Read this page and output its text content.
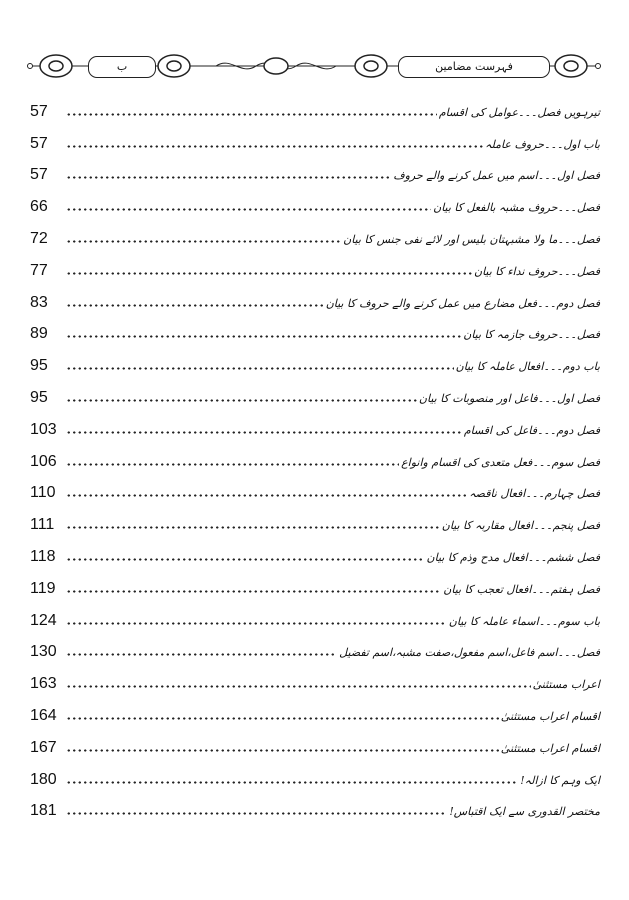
ب	فہرست مضامین
تیرہویں فصل۔۔۔عوامل کی اقسام
57
باب اول۔۔۔حروف عاملہ
57
فصل اول۔۔۔اسم میں عمل کرنے والے حروف
57
فصل۔۔۔حروف مشبہ بالفعل کا بیان
66
فصل۔۔۔ما ولا مشبہتان بلیس اور لائے نفی جنس کا بیان
72
فصل۔۔۔حروف نداء کا بیان
77
فصل دوم۔۔۔فعل مضارع میں عمل کرنے والے حروف کا بیان
83
فصل۔۔۔حروف جازمہ کا بیان
89
باب دوم۔۔۔افعال عاملہ کا بیان
95
فصل اول۔۔۔فاعل اور منصوبات کا بیان
95
فصل دوم۔۔۔فاعل کی اقسام
103
فصل سوم۔۔۔فعل متعدی کی اقسام وانواع
106
فصل چہارم۔۔۔افعال ناقصہ
110
فصل پنجم۔۔۔افعال مقاربہ کا بیان
111
فصل ششم۔۔۔افعال مدح وذم کا بیان
118
فصل ہفتم۔۔۔افعال تعجب کا بیان
119
باب سوم۔۔۔اسماء عاملہ کا بیان
124
فصل۔۔۔اسم فاعل،اسم مفعول،صفت مشبہ،اسم تفضیل
130
اعراب مستثنیٰ
163
اقسام اعراب مستثنیٰ
164
اقسام اعراب مستثنیٰ
167
ایک وہم کا ازالہ!
180
مختصر القدوری سے ایک اقتباس!
181
